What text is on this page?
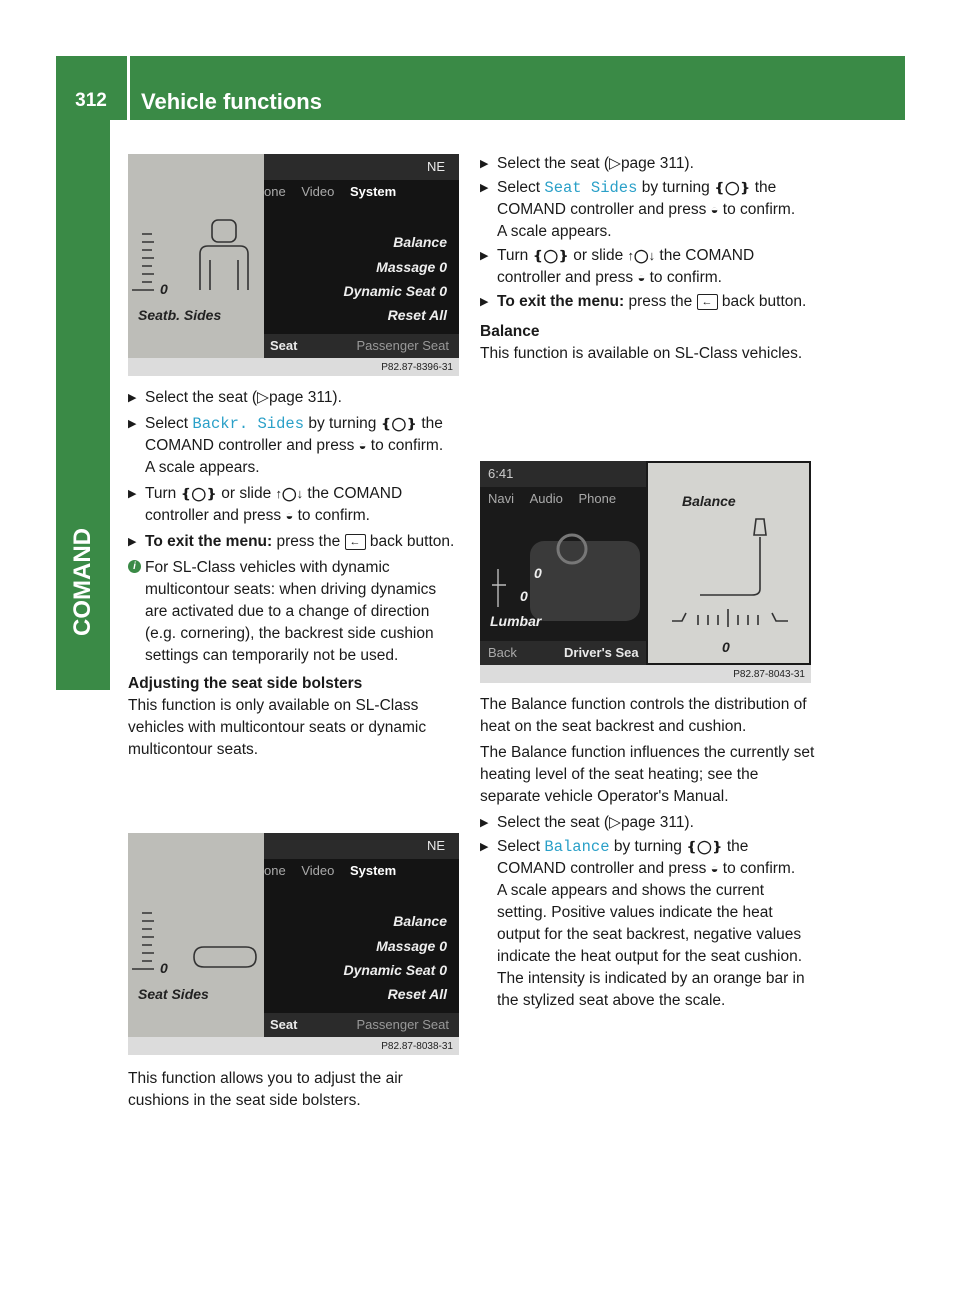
312	Vehicle functions
COMAND
0
Seatb. Sides
NE
one Video System
Balance
Massage 0
Dynamic Seat 0
Reset All
Seat	Passenger Seat
P82.87-8396-31

▶ Select the seat (▷page 311).

▶ Select Backr. Sides by turning ❴◯❵ the COMAND controller and press ◒ to confirm.
A scale appears.

▶ Turn ❴◯❵ or slide ↑◯↓ the COMAND controller and press ◒ to confirm.

▶ To exit the menu: press the ← back button.

i For SL-Class vehicles with dynamic multicontour seats: when driving dynamics are activated due to a change of direction (e.g. cornering), the backrest side cushion settings can temporarily not be used.

Adjusting the seat side bolsters

This function is only available on SL-Class vehicles with multicontour seats or dynamic multicontour seats.

0
Seat Sides
NE
one Video System
Balance
Massage 0
Dynamic Seat 0
Reset All
Seat	Passenger Seat
P82.87-8038-31

This function allows you to adjust the air cushions in the seat side bolsters.

▶ Select the seat (▷page 311).

▶ Select Seat Sides by turning ❴◯❵ the COMAND controller and press ◒ to confirm.
A scale appears.

▶ Turn ❴◯❵ or slide ↑◯↓ the COMAND controller and press ◒ to confirm.

▶ To exit the menu: press the ← back button.

Balance

This function is available on SL-Class vehicles.

6:41
Navi Audio Phone
0
0
Lumbar
Back	Driver's Sea
Balance
0
P82.87-8043-31

The Balance function controls the distribution of heat on the seat backrest and cushion.

The Balance function influences the currently set heating level of the seat heating; see the separate vehicle Operator's Manual.

▶ Select the seat (▷page 311).

▶ Select Balance by turning ❴◯❵ the COMAND controller and press ◒ to confirm.
A scale appears and shows the current setting. Positive values indicate the heat output for the seat backrest, negative values indicate the heat output for the seat cushion. The intensity is indicated by an orange bar in the stylized seat above the scale.
